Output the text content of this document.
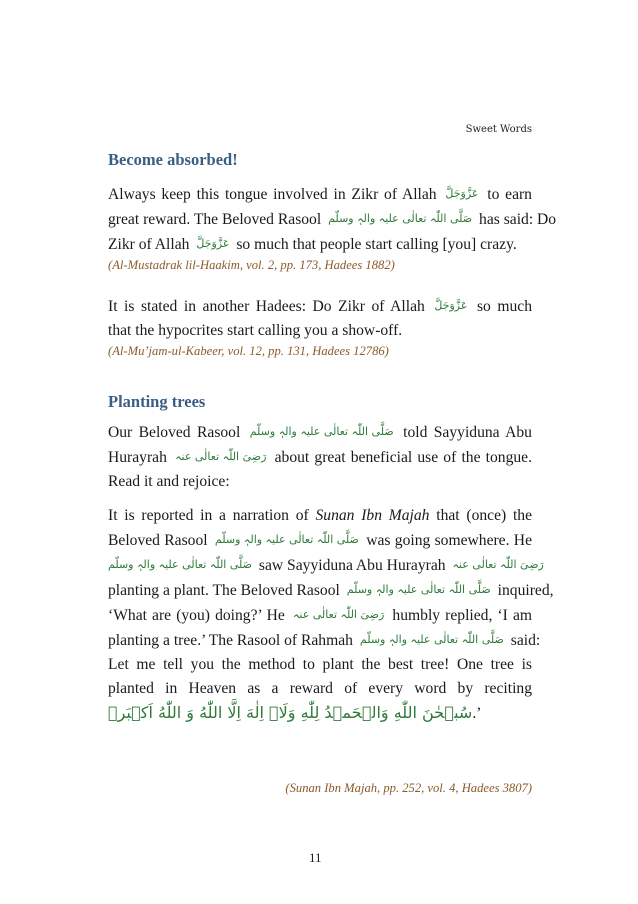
Sweet Words
Become absorbed!

Always keep this tongue involved in Zikr of Allah عَزَّوَجَلَّ to earn
great reward. The Beloved Rasool صَلَّی اللّٰہ تعالٰی علیہ والہٖ وسلّم has said: Do
Zikr of Allah عَزَّوَجَلَّ so much that people start calling [you] crazy.

(Al-Mustadrak lil-Haakim, vol. 2, pp. 173, Hadees 1882)

It is stated in another Hadees: Do Zikr of Allah عَزَّوَجَلَّ so much
that the hypocrites start calling you a show-off.

(Al-Mu’jam-ul-Kabeer, vol. 12, pp. 131, Hadees 12786)

Planting trees

Our Beloved Rasool صَلَّی اللّٰہ تعالٰی علیہ والہٖ وسلّم told Sayyiduna Abu
Hurayrah رَضِیَ اللّٰہ تعالٰی عنہ about great beneficial use of the tongue.
Read it and rejoice:

It is reported in a narration of Sunan Ibn Majah that (once) the
Beloved Rasool صَلَّی اللّٰہ تعالٰی علیہ والہٖ وسلّم was going somewhere. He
صَلَّی اللّٰہ تعالٰی علیہ والہٖ وسلّم saw Sayyiduna Abu Hurayrah رَضِیَ اللّٰہ تعالٰی عنہ
planting a plant. The Beloved Rasool صَلَّی اللّٰہ تعالٰی علیہ والہٖ وسلّم inquired,
‘What are (you) doing?’ He رَضِیَ اللّٰہ تعالٰی عنہ humbly replied, ‘I am
planting a tree.’ The Rasool of Rahmah صَلَّی اللّٰہ تعالٰی علیہ والہٖ وسلّم said:
Let me tell you the method to plant the best tree! One tree is
planted in Heaven as a reward of every word by reciting
سُبۡحٰنَ اللّٰهِ وَالۡحَمۡدُ لِلّٰهِ وَلَاۤ اِلٰهَ اِلَّا اللّٰهُ وَ اللّٰهُ اَكۡبَرۡ.’

(Sunan Ibn Majah, pp. 252, vol. 4, Hadees 3807)

11
